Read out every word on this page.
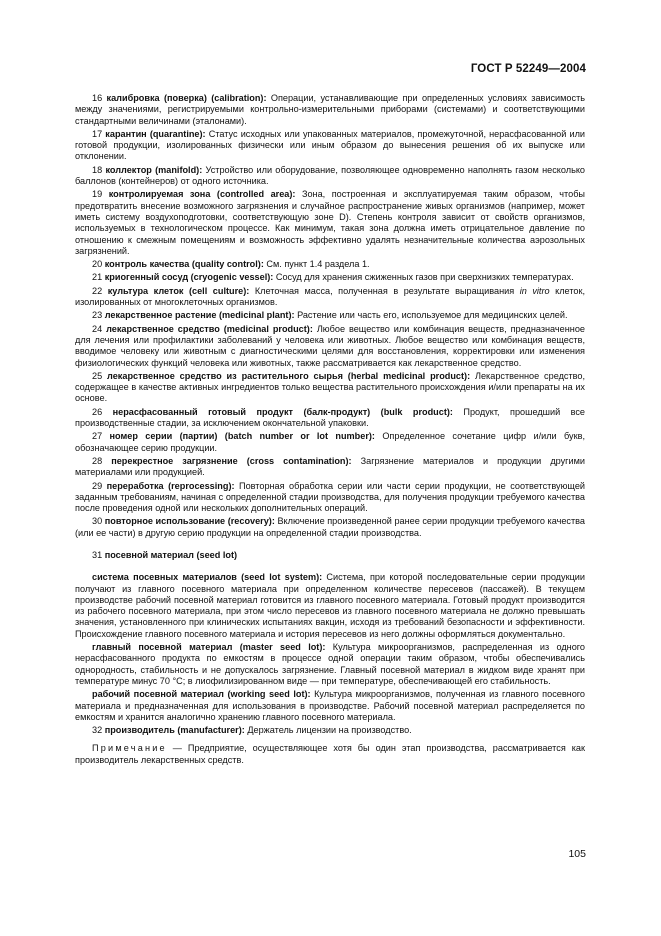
ГОСТ Р 52249—2004

16 калибровка (поверка) (calibration): Операции, устанавливающие при определенных условиях зависимость между значениями, регистрируемыми контрольно-измерительными приборами (системами) и соответствующими стандартными величинами (эталонами).

17 карантин (quarantine): Статус исходных или упакованных материалов, промежуточной, нерасфасованной или готовой продукции, изолированных физически или иным образом до вынесения решения об их выпуске или отклонении.

18 коллектор (manifold): Устройство или оборудование, позволяющее одновременно наполнять газом несколько баллонов (контейнеров) от одного источника.

19 контролируемая зона (controlled area): Зона, построенная и эксплуатируемая таким образом, чтобы предотвратить внесение возможного загрязнения и случайное распространение живых организмов (например, может иметь систему воздухоподготовки, соответствующую зоне D). Степень контроля зависит от свойств организмов, используемых в технологическом процессе. Как минимум, такая зона должна иметь отрицательное давление по отношению к смежным помещениям и возможность эффективно удалять незначительные количества аэрозольных загрязнений.

20 контроль качества (quality control): См. пункт 1.4 раздела 1.

21 криогенный сосуд (cryogenic vessel): Сосуд для хранения сжиженных газов при сверхнизких температурах.

22 культура клеток (cell culture): Клеточная масса, полученная в результате выращивания in vitro клеток, изолированных от многоклеточных организмов.

23 лекарственное растение (medicinal plant): Растение или часть его, используемое для медицинских целей.

24 лекарственное средство (medicinal product): Любое вещество или комбинация веществ, предназначенное для лечения или профилактики заболеваний у человека или животных. Любое вещество или комбинация веществ, вводимое человеку или животным с диагностическими целями для восстановления, корректировки или изменения физиологических функций человека или животных, также рассматривается как лекарственное средство.

25 лекарственное средство из растительного сырья (herbal medicinal product): Лекарственное средство, содержащее в качестве активных ингредиентов только вещества растительного происхождения и/или препараты на их основе.

26 нерасфасованный готовый продукт (балк-продукт) (bulk product): Продукт, прошедший все производственные стадии, за исключением окончательной упаковки.

27 номер серии (партии) (batch number or lot number): Определенное сочетание цифр и/или букв, обозначающее серию продукции.

28 перекрестное загрязнение (cross contamination): Загрязнение материалов и продукции другими материалами или продукцией.

29 переработка (reprocessing): Повторная обработка серии или части серии продукции, не соответствующей заданным требованиям, начиная с определенной стадии производства, для получения продукции требуемого качества после проведения одной или нескольких дополнительных операций.

30 повторное использование (recovery): Включение произведенной ранее серии продукции требуемого качества (или ее части) в другую серию продукции на определенной стадии производства.

31 посевной материал (seed lot)

система посевных материалов (seed lot system): Система, при которой последовательные серии продукции получают из главного посевного материала при определенном количестве пересевов (пассажей). В текущем производстве рабочий посевной материал готовится из главного посевного материала. Готовый продукт производится из рабочего посевного материала, при этом число пересевов из главного посевного материала не должно превышать значения, установленного при клинических испытаниях вакцин, исходя из требований безопасности и эффективности. Происхождение главного посевного материала и история пересевов из него должны оформляться документально.

главный посевной материал (master seed lot): Культура микроорганизмов, распределенная из одного нерасфасованного продукта по емкостям в процессе одной операции таким образом, чтобы обеспечивались однородность, стабильность и не допускалось загрязнение. Главный посевной материал в жидком виде хранят при температуре минус 70 °С; в лиофилизированном виде — при температуре, обеспечивающей его стабильность.

рабочий посевной материал (working seed lot): Культура микроорганизмов, полученная из главного посевного материала и предназначенная для использования в производстве. Рабочий посевной материал распределяется по емкостям и хранится аналогично хранению главного посевного материала.

32 производитель (manufacturer): Держатель лицензии на производство.

Примечание — Предприятие, осуществляющее хотя бы один этап производства, рассматривается как производитель лекарственных средств.

105
